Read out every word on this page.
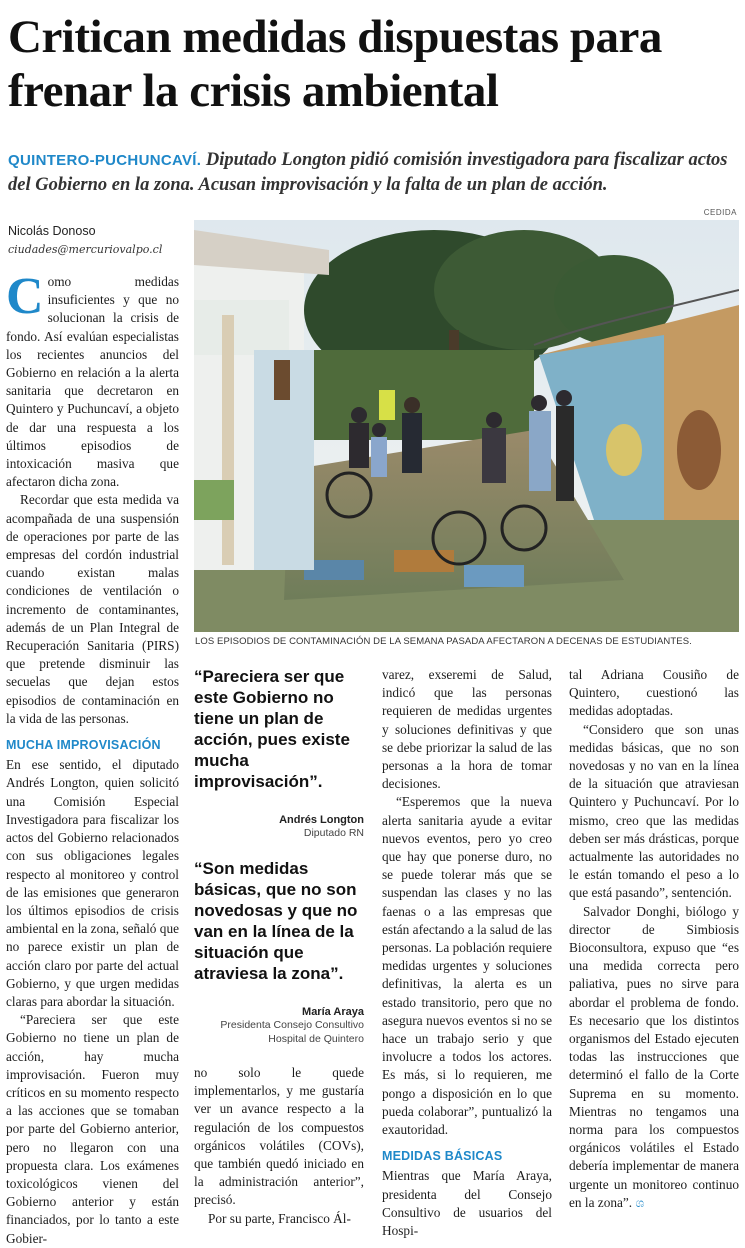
Critican medidas dispuestas para frenar la crisis ambiental
QUINTERO-PUCHUNCAVÍ. Diputado Longton pidió comisión investigadora para fiscalizar actos del Gobierno en la zona. Acusan improvisación y la falta de un plan de acción.
Nicolás Donoso
ciudades@mercuriovalpo.cl
CEDIDA
LOS EPISODIOS DE CONTAMINACIÓN DE LA SEMANA PASADA AFECTARON A DECENAS DE ESTUDIANTES.

Como medidas insuficientes y que no solucionan la crisis de fondo. Así evalúan especialistas los recientes anuncios del Gobierno en relación a la alerta sanitaria que decretaron en Quintero y Puchuncaví, a objeto de dar una respuesta a los últimos episodios de intoxicación masiva que afectaron dicha zona.

Recordar que esta medida va acompañada de una suspensión de operaciones por parte de las empresas del cordón industrial cuando existan malas condiciones de ventilación o incremento de contaminantes, además de un Plan Integral de Recuperación Sanitaria (PIRS) que pretende disminuir las secuelas que dejan estos episodios de contaminación en la vida de las personas.

MUCHA IMPROVISACIÓN

En ese sentido, el diputado Andrés Longton, quien solicitó una Comisión Especial Investigadora para fiscalizar los actos del Gobierno relacionados con sus obligaciones legales respecto al monitoreo y control de las emisiones que generaron los últimos episodios de crisis ambiental en la zona, señaló que no parece existir un plan de acción claro por parte del actual Gobierno, y que urgen medidas claras para abordar la situación.

“Pareciera ser que este Gobierno no tiene un plan de acción, hay mucha improvisación. Fueron muy críticos en su momento respecto a las acciones que se tomaban por parte del Gobierno anterior, pero no llegaron con una propuesta clara. Los exámenes toxicológicos vienen del Gobierno anterior y están financiados, por lo tanto a este Gobier-

“Pareciera ser que este Gobierno no tiene un plan de acción, pues existe mucha improvisación”.
Andrés Longton
Diputado RN
“Son medidas básicas, que no son novedosas y que no van en la línea de la situación que atraviesa la zona”.
María Araya
Presidenta Consejo Consultivo
Hospital de Quintero

no solo le quede implementarlos, y me gustaría ver un avance respecto a la regulación de los compuestos orgánicos volátiles (COVs), que también quedó iniciado en la administración anterior”, precisó.

Por su parte, Francisco Ál-

varez, exseremi de Salud, indicó que las personas requieren de medidas urgentes y soluciones definitivas y que se debe priorizar la salud de las personas a la hora de tomar decisiones.

“Esperemos que la nueva alerta sanitaria ayude a evitar nuevos eventos, pero yo creo que hay que ponerse duro, no se puede tolerar más que se suspendan las clases y no las faenas o a las empresas que están afectando a la salud de las personas. La población requiere medidas urgentes y soluciones definitivas, la alerta es un estado transitorio, pero que no asegura nuevos eventos si no se hace un trabajo serio y que involucre a todos los actores. Es más, si lo requieren, me pongo a disposición en lo que pueda colaborar”, puntualizó la exautoridad.

MEDIDAS BÁSICAS

Mientras que María Araya, presidenta del Consejo Consultivo de usuarios del Hospi-

tal Adriana Cousiño de Quintero, cuestionó las medidas adoptadas.

“Considero que son unas medidas básicas, que no son novedosas y no van en la línea de la situación que atraviesan Quintero y Puchuncaví. Por lo mismo, creo que las medidas deben ser más drásticas, porque actualmente las autoridades no le están tomando el peso a lo que está pasando”, sentención.

Salvador Donghi, biólogo y director de Simbiosis Bioconsultora, expuso que “es una medida correcta pero paliativa, pues no sirve para abordar el problema de fondo. Es necesario que los distintos organismos del Estado ejecuten todas las instrucciones que determinó el fallo de la Corte Suprema en su momento. Mientras no tengamos una norma para los compuestos orgánicos volátiles el Estado debería implementar de manera urgente un monitoreo continuo en la zona”. ශ
